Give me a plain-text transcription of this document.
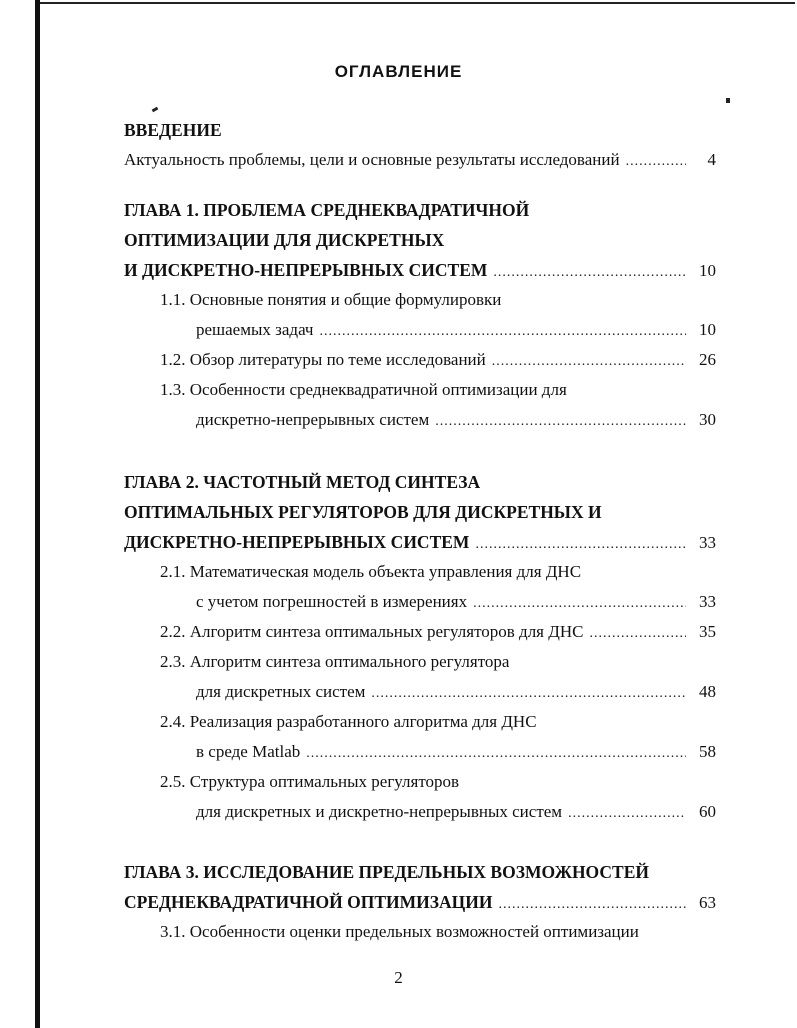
ОГЛАВЛЕНИЕ
ВВЕДЕНИЕ
Актуальность проблемы, цели и основные результаты исследований .....	4
ГЛАВА 1. ПРОБЛЕМА СРЕДНЕКВАДРАТИЧНОЙ
ОПТИМИЗАЦИИ ДЛЯ ДИСКРЕТНЫХ
И ДИСКРЕТНО-НЕПРЕРЫВНЫХ СИСТЕМ .....	10
1.1. Основные понятия и общие формулировки
решаемых задач .....	10
1.2. Обзор литературы по теме исследований .....	26
1.3. Особенности среднеквадратичной оптимизации для
дискретно-непрерывных систем .....	30
ГЛАВА 2. ЧАСТОТНЫЙ МЕТОД СИНТЕЗА
ОПТИМАЛЬНЫХ РЕГУЛЯТОРОВ ДЛЯ ДИСКРЕТНЫХ И
ДИСКРЕТНО-НЕПРЕРЫВНЫХ СИСТЕМ .....	33
2.1. Математическая модель объекта управления для ДНС
с учетом погрешностей в измерениях .....	33
2.2. Алгоритм синтеза оптимальных регуляторов для ДНС .....	35
2.3. Алгоритм синтеза оптимального регулятора
для дискретных систем .....	48
2.4. Реализация разработанного алгоритма для ДНС
в среде Matlab .....	58
2.5. Структура оптимальных регуляторов
для дискретных и дискретно-непрерывных систем .....	60
ГЛАВА 3. ИССЛЕДОВАНИЕ ПРЕДЕЛЬНЫХ ВОЗМОЖНОСТЕЙ
СРЕДНЕКВАДРАТИЧНОЙ ОПТИМИЗАЦИИ .....	63
3.1. Особенности оценки предельных возможностей оптимизации
2
